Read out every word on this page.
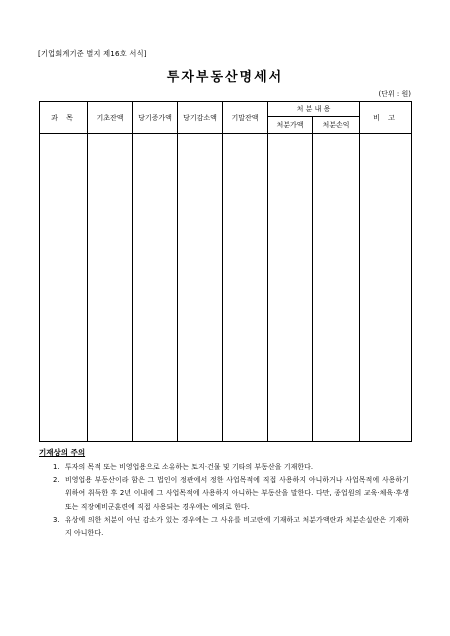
[기업회계기준 별지 제16호 서식]
투자부동산명세서
(단위 : 원)
과 목	기초잔액	당기증가액	당기감소액	기말잔액	처 분 내 용		비 고
					처분가액	처분손익	

기재상의 주의
1. 투자의 목적 또는 비영업용으로 소유하는 토지·건물 및 기타의 부동산을 기재한다.
2. 비영업용 부동산이라 함은 그 법인이 정관에서 정한 사업목적에 직접 사용하지 아니하거나 사업목적에 사용하기 위하여 취득한 후 2년 이내에 그 사업목적에 사용하지 아니하는 부동산을 말한다. 다만, 종업원의 교육·체육·후생 또는 직장예비군훈련에 직접 사용되는 경우에는 예외로 한다.
3. 유상에 의한 처분이 아닌 감소가 있는 경우에는 그 사유를 비고란에 기재하고 처분가액란과 처분손실란은 기재하지 아니한다.
